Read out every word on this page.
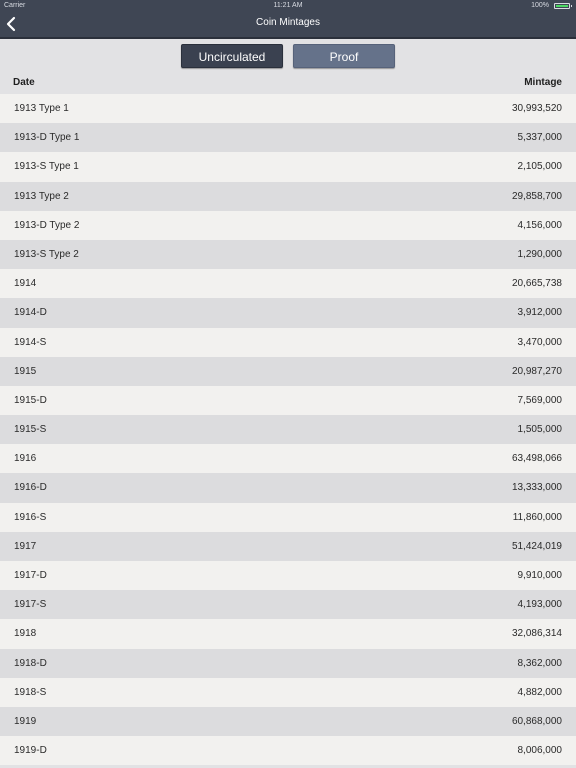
Carrier	11:21 AM	100%
Coin Mintages
Uncirculated	Proof
Date	Mintage
1913 Type 1	30,993,520
1913-D Type 1	5,337,000
1913-S Type 1	2,105,000
1913 Type 2	29,858,700
1913-D Type 2	4,156,000
1913-S Type 2	1,290,000
1914	20,665,738
1914-D	3,912,000
1914-S	3,470,000
1915	20,987,270
1915-D	7,569,000
1915-S	1,505,000
1916	63,498,066
1916-D	13,333,000
1916-S	11,860,000
1917	51,424,019
1917-D	9,910,000
1917-S	4,193,000
1918	32,086,314
1918-D	8,362,000
1918-S	4,882,000
1919	60,868,000
1919-D	8,006,000
